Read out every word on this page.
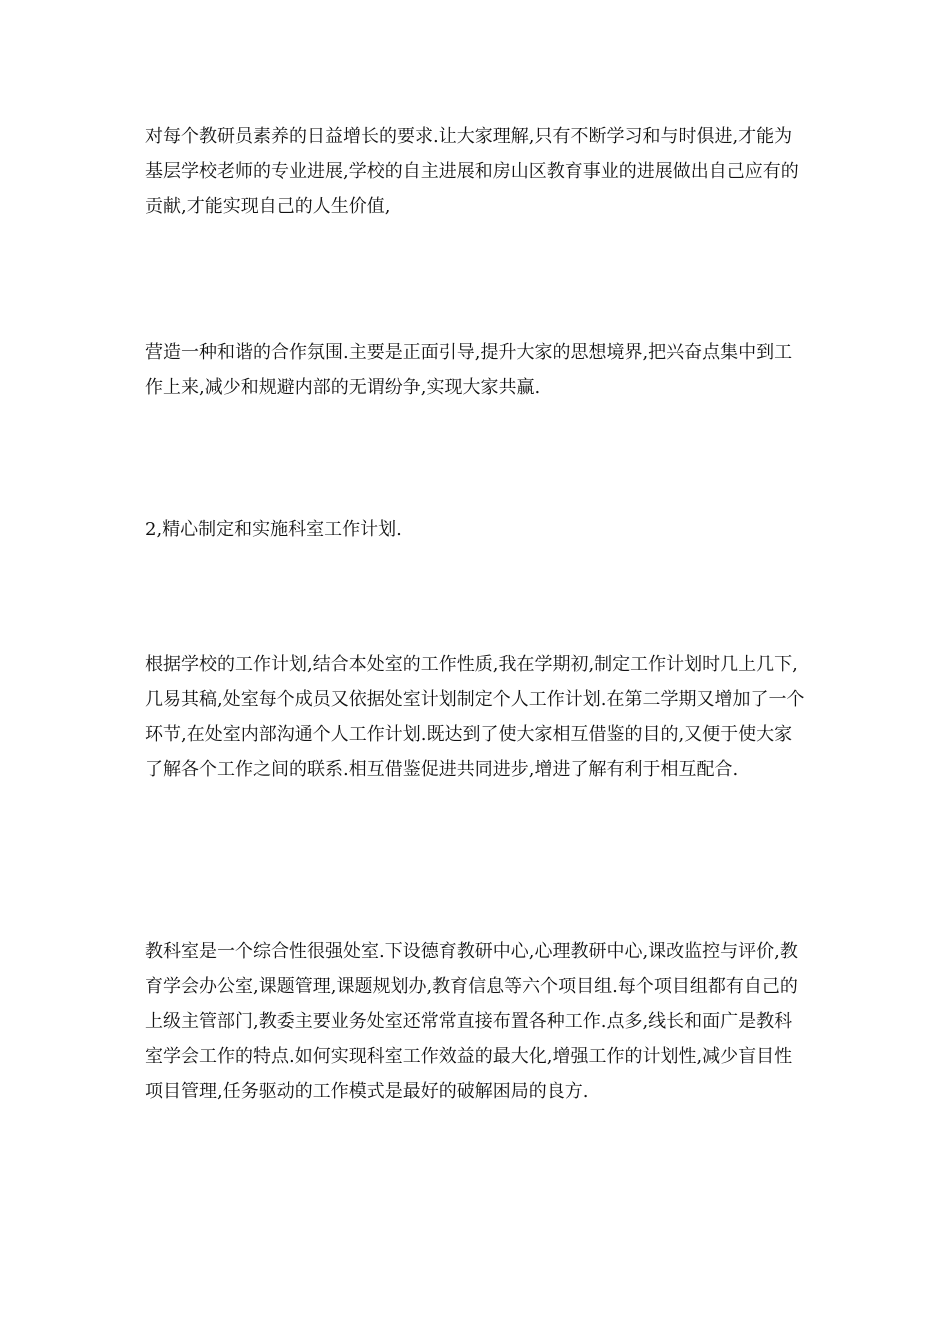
对每个教研员素养的日益增长的要求.让大家理解,只有不断学习和与时俱进,才能为基层学校老师的专业进展,学校的自主进展和房山区教育事业的进展做出自己应有的贡献,才能实现自己的人生价值,

营造一种和谐的合作氛围.主要是正面引导,提升大家的思想境界,把兴奋点集中到工作上来,减少和规避内部的无谓纷争,实现大家共赢.

2,精心制定和实施科室工作计划.

根据学校的工作计划,结合本处室的工作性质,我在学期初,制定工作计划时几上几下,几易其稿,处室每个成员又依据处室计划制定个人工作计划.在第二学期又增加了一个环节,在处室内部沟通个人工作计划.既达到了使大家相互借鉴的目的,又便于使大家了解各个工作之间的联系.相互借鉴促进共同进步,增进了解有利于相互配合.

教科室是一个综合性很强处室.下设德育教研中心,心理教研中心,课改监控与评价,教育学会办公室,课题管理,课题规划办,教育信息等六个项目组.每个项目组都有自己的上级主管部门,教委主要业务处室还常常直接布置各种工作.点多,线长和面广是教科室学会工作的特点.如何实现科室工作效益的最大化,增强工作的计划性,减少盲目性 项目管理,任务驱动的工作模式是最好的破解困局的良方.
